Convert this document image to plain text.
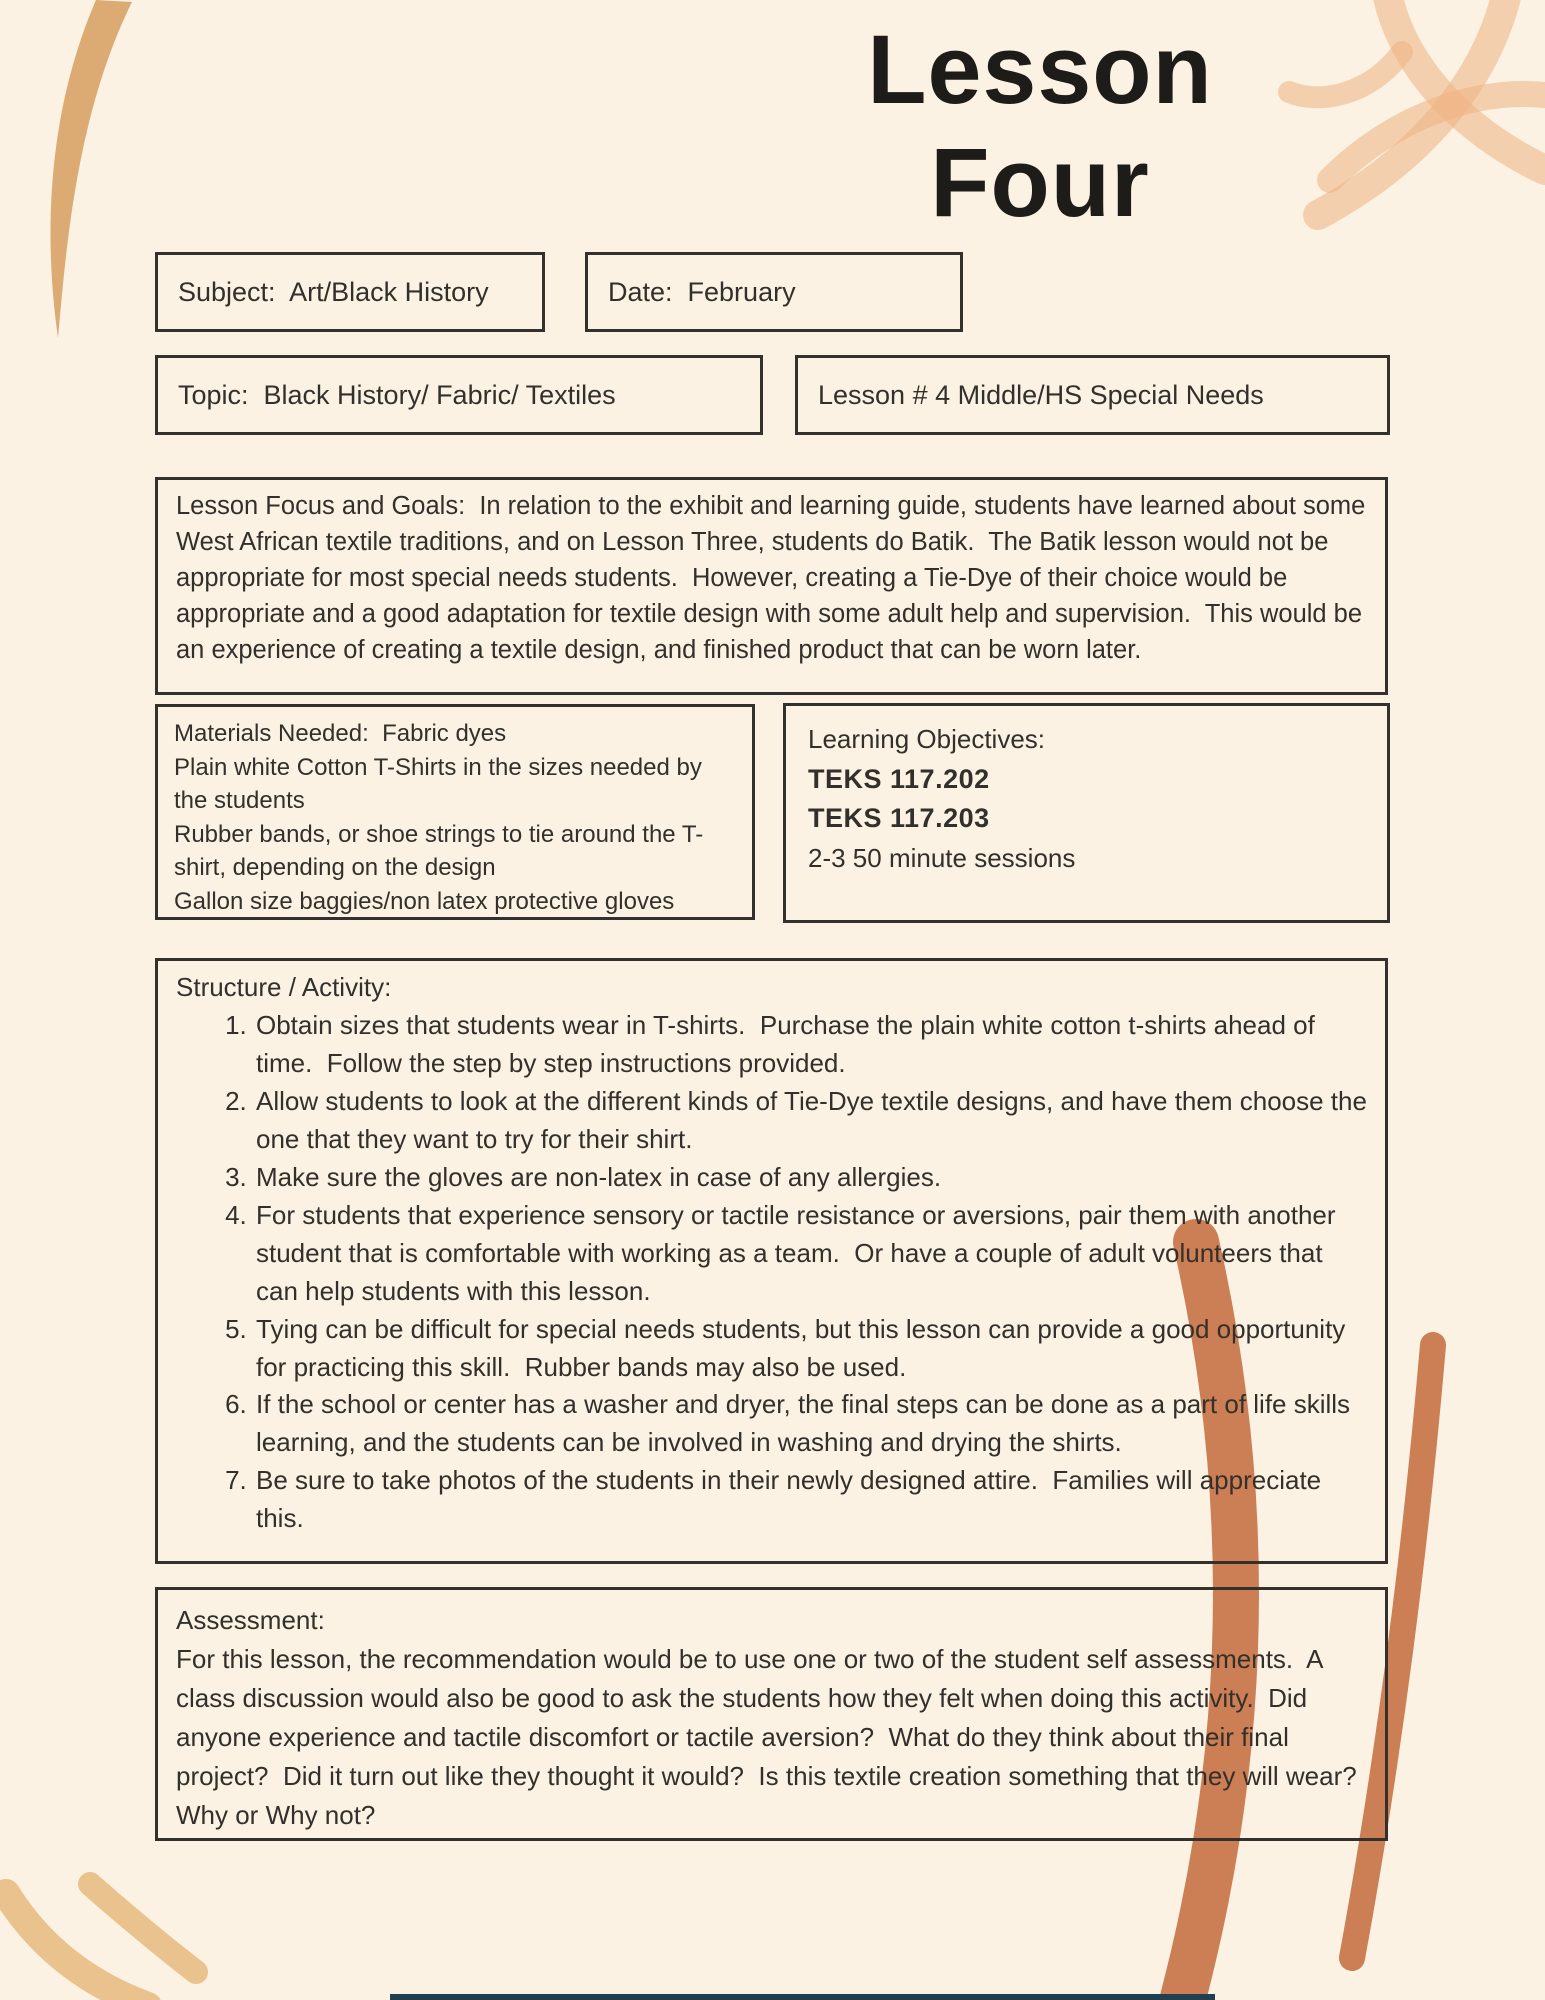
Lesson
Four
Subject:  Art/Black History	Date:  February
Topic:  Black History/ Fabric/ Textiles	Lesson # 4 Middle/HS Special Needs
Lesson Focus and Goals:  In relation to the exhibit and learning guide, students have learned about some West African textile traditions, and on Lesson Three, students do Batik.  The Batik lesson would not be appropriate for most special needs students.  However, creating a Tie-Dye of their choice would be appropriate and a good adaptation for textile design with some adult help and supervision.  This would be an experience of creating a textile design, and finished product that can be worn later.
Materials Needed:  Fabric dyes
Plain white Cotton T-Shirts in the sizes needed by the students
Rubber bands, or shoe strings to tie around the T-shirt, depending on the design
Gallon size baggies/non latex protective gloves
Learning Objectives:
TEKS 117.202
TEKS 117.203
2-3 50 minute sessions
Structure / Activity:
1. Obtain sizes that students wear in T-shirts.  Purchase the plain white cotton t-shirts ahead of time.  Follow the step by step instructions provided.
2. Allow students to look at the different kinds of Tie-Dye textile designs, and have them choose the one that they want to try for their shirt.
3. Make sure the gloves are non-latex in case of any allergies.
4. For students that experience sensory or tactile resistance or aversions, pair them with another student that is comfortable with working as a team.  Or have a couple of adult volunteers that can help students with this lesson.
5. Tying can be difficult for special needs students, but this lesson can provide a good opportunity for practicing this skill.  Rubber bands may also be used.
6. If the school or center has a washer and dryer, the final steps can be done as a part of life skills learning, and the students can be involved in washing and drying the shirts.
7. Be sure to take photos of the students in their newly designed attire.  Families will appreciate this.
Assessment:
For this lesson, the recommendation would be to use one or two of the student self assessments.  A class discussion would also be good to ask the students how they felt when doing this activity.  Did anyone experience and tactile discomfort or tactile aversion?  What do they think about their final project?  Did it turn out like they thought it would?  Is this textile creation something that they will wear?  Why or Why not?
